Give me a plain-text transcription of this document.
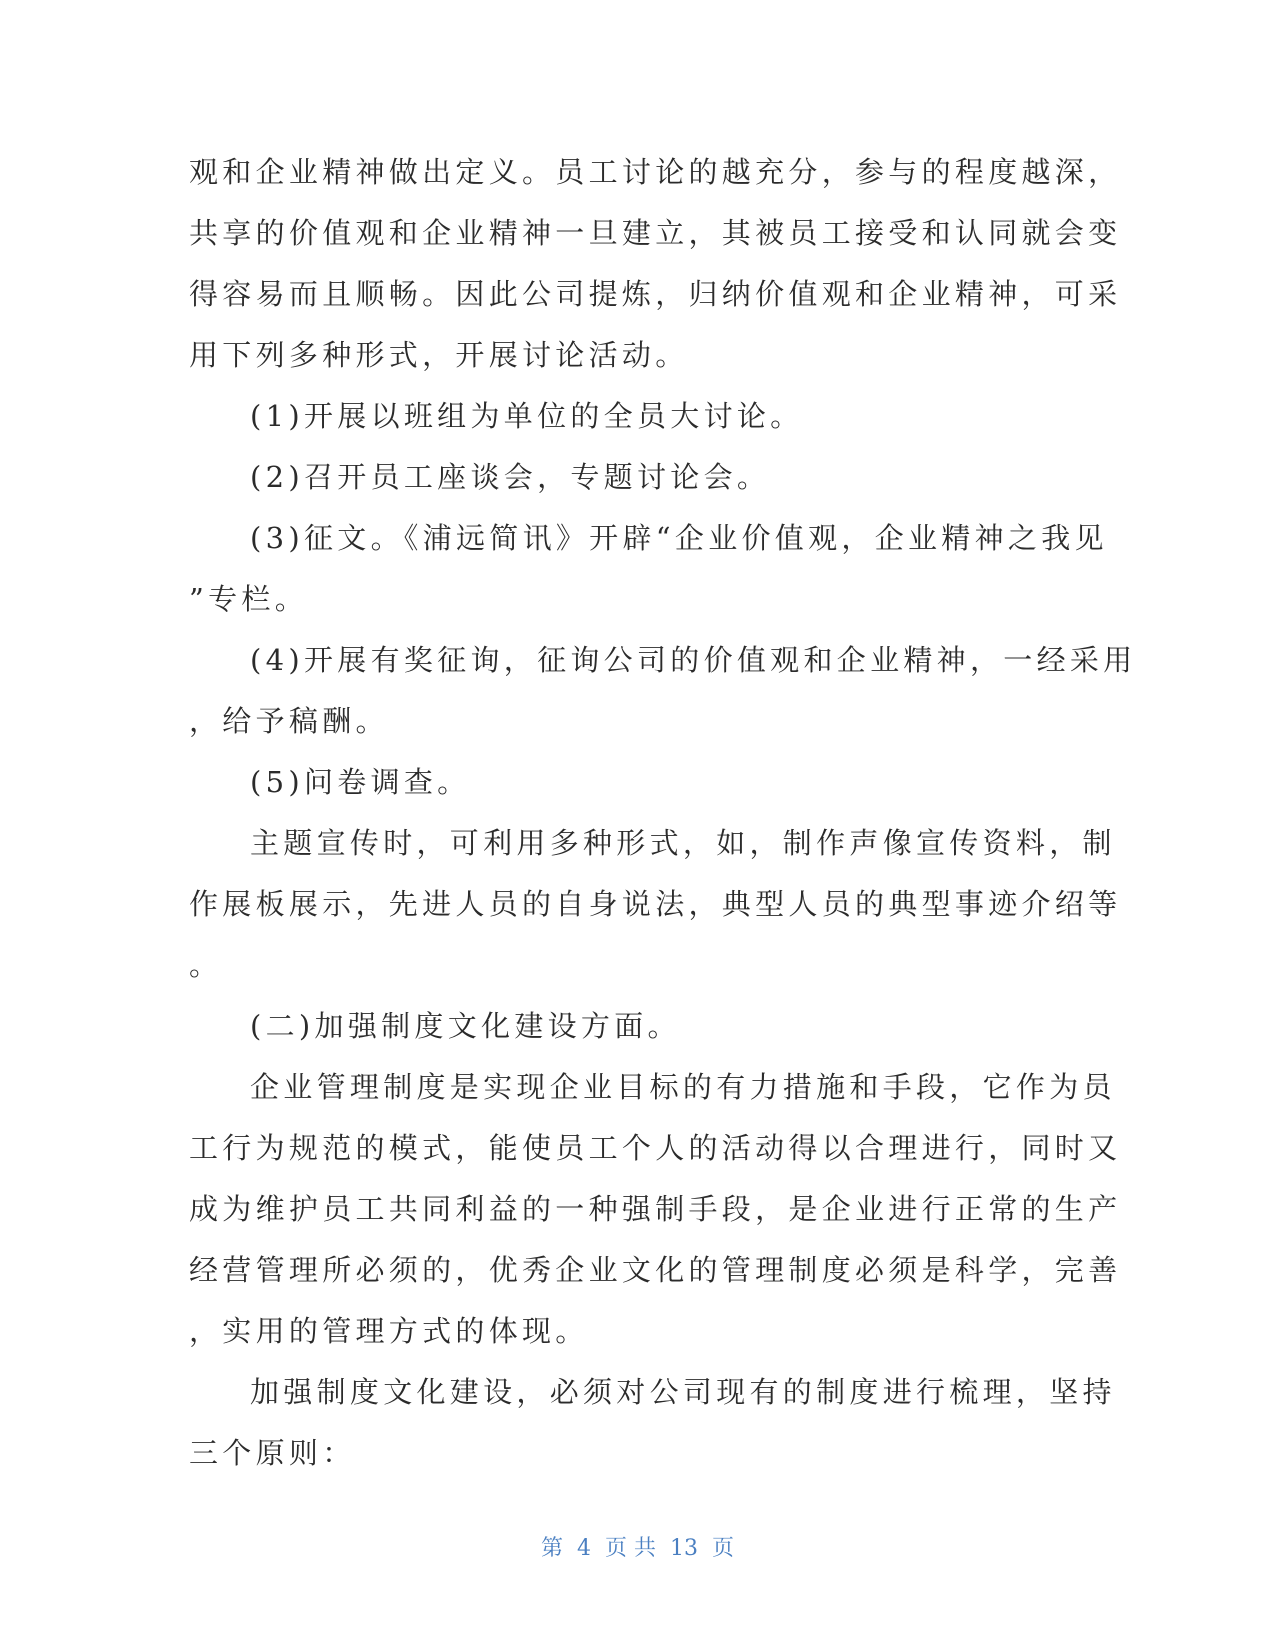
观和企业精神做出定义。员工讨论的越充分，参与的程度越深，
共享的价值观和企业精神一旦建立，其被员工接受和认同就会变
得容易而且顺畅。因此公司提炼，归纳价值观和企业精神，可采
用下列多种形式，开展讨论活动。
(1)开展以班组为单位的全员大讨论。
(2)召开员工座谈会，专题讨论会。
(3)征文。《浦远简讯》开辟“企业价值观，企业精神之我见
”专栏。
(4)开展有奖征询，征询公司的价值观和企业精神，一经采用
，给予稿酬。
(5)问卷调查。
主题宣传时，可利用多种形式，如，制作声像宣传资料，制
作展板展示，先进人员的自身说法，典型人员的典型事迹介绍等
。
(二)加强制度文化建设方面。
企业管理制度是实现企业目标的有力措施和手段，它作为员
工行为规范的模式，能使员工个人的活动得以合理进行，同时又
成为维护员工共同利益的一种强制手段，是企业进行正常的生产
经营管理所必须的，优秀企业文化的管理制度必须是科学，完善
，实用的管理方式的体现。
加强制度文化建设，必须对公司现有的制度进行梳理，坚持
三个原则：
第 4 页 共 13 页
